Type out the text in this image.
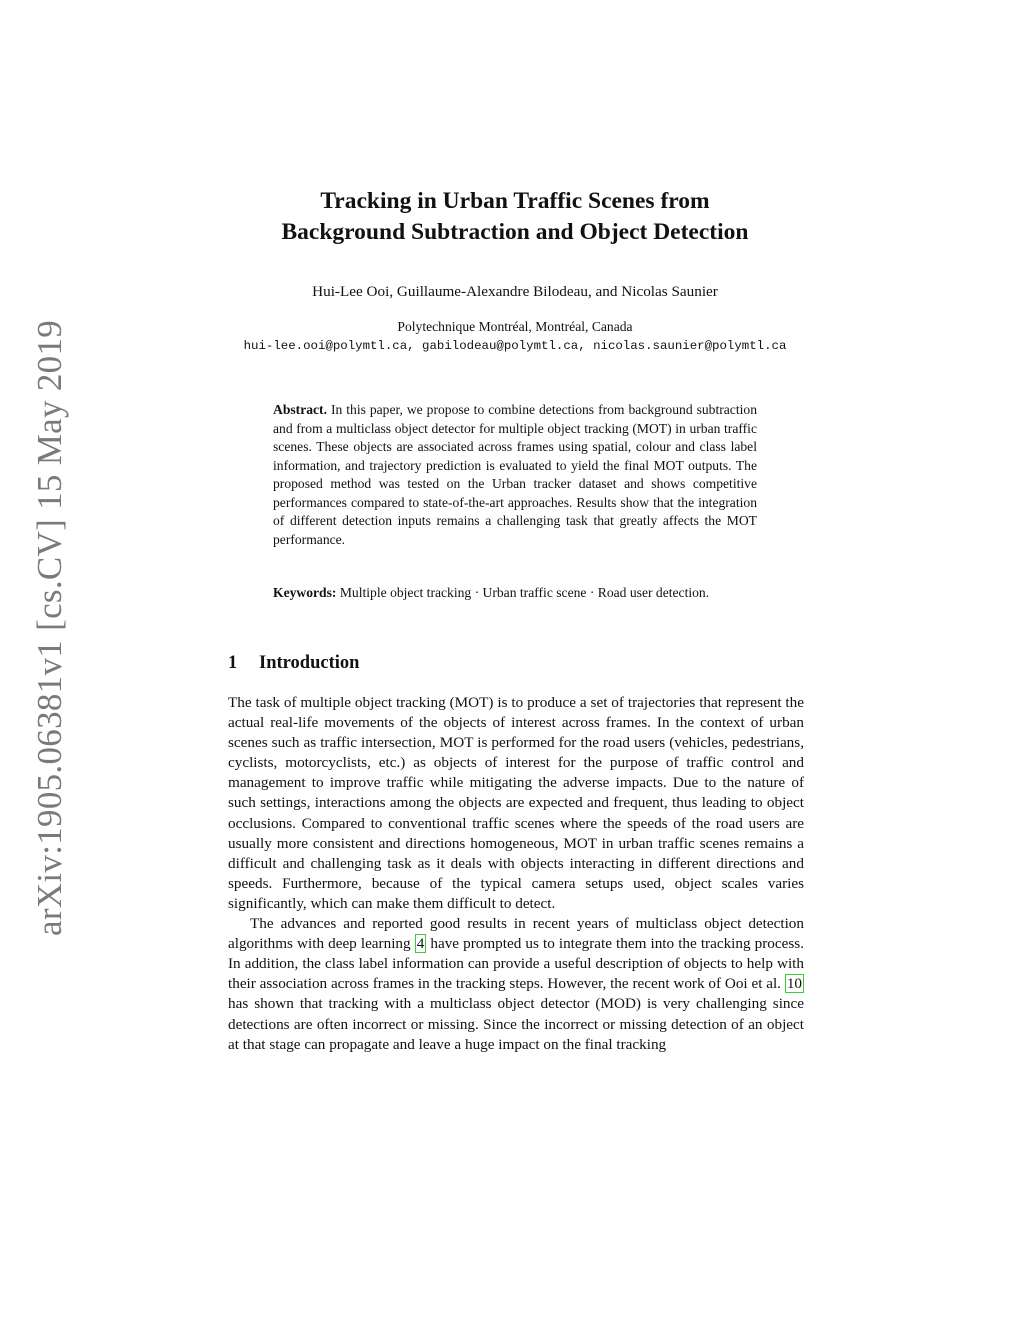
arXiv:1905.06381v1 [cs.CV] 15 May 2019
Tracking in Urban Traffic Scenes from
Background Subtraction and Object Detection
Hui-Lee Ooi, Guillaume-Alexandre Bilodeau, and Nicolas Saunier
Polytechnique Montréal, Montréal, Canada
hui-lee.ooi@polymtl.ca, gabilodeau@polymtl.ca, nicolas.saunier@polymtl.ca

Abstract. In this paper, we propose to combine detections from background subtraction and from a multiclass object detector for multiple object tracking (MOT) in urban traffic scenes. These objects are associated across frames using spatial, colour and class label information, and trajectory prediction is evaluated to yield the final MOT outputs. The proposed method was tested on the Urban tracker dataset and shows competitive performances compared to state-of-the-art approaches. Results show that the integration of different detection inputs remains a challenging task that greatly affects the MOT performance.

Keywords: Multiple object tracking · Urban traffic scene · Road user detection.

1 Introduction

The task of multiple object tracking (MOT) is to produce a set of trajectories that represent the actual real-life movements of the objects of interest across frames. In the context of urban scenes such as traffic intersection, MOT is performed for the road users (vehicles, pedestrians, cyclists, motorcyclists, etc.) as objects of interest for the purpose of traffic control and management to improve traffic while mitigating the adverse impacts. Due to the nature of such settings, interactions among the objects are expected and frequent, thus leading to object occlusions. Compared to conventional traffic scenes where the speeds of the road users are usually more consistent and directions homogeneous, MOT in urban traffic scenes remains a difficult and challenging task as it deals with objects interacting in different directions and speeds. Furthermore, because of the typical camera setups used, object scales varies significantly, which can make them difficult to detect.

The advances and reported good results in recent years of multiclass object detection algorithms with deep learning 4 have prompted us to integrate them into the tracking process. In addition, the class label information can provide a useful description of objects to help with their association across frames in the tracking steps. However, the recent work of Ooi et al. 10 has shown that tracking with a multiclass object detector (MOD) is very challenging since detections are often incorrect or missing. Since the incorrect or missing detection of an object at that stage can propagate and leave a huge impact on the final tracking
